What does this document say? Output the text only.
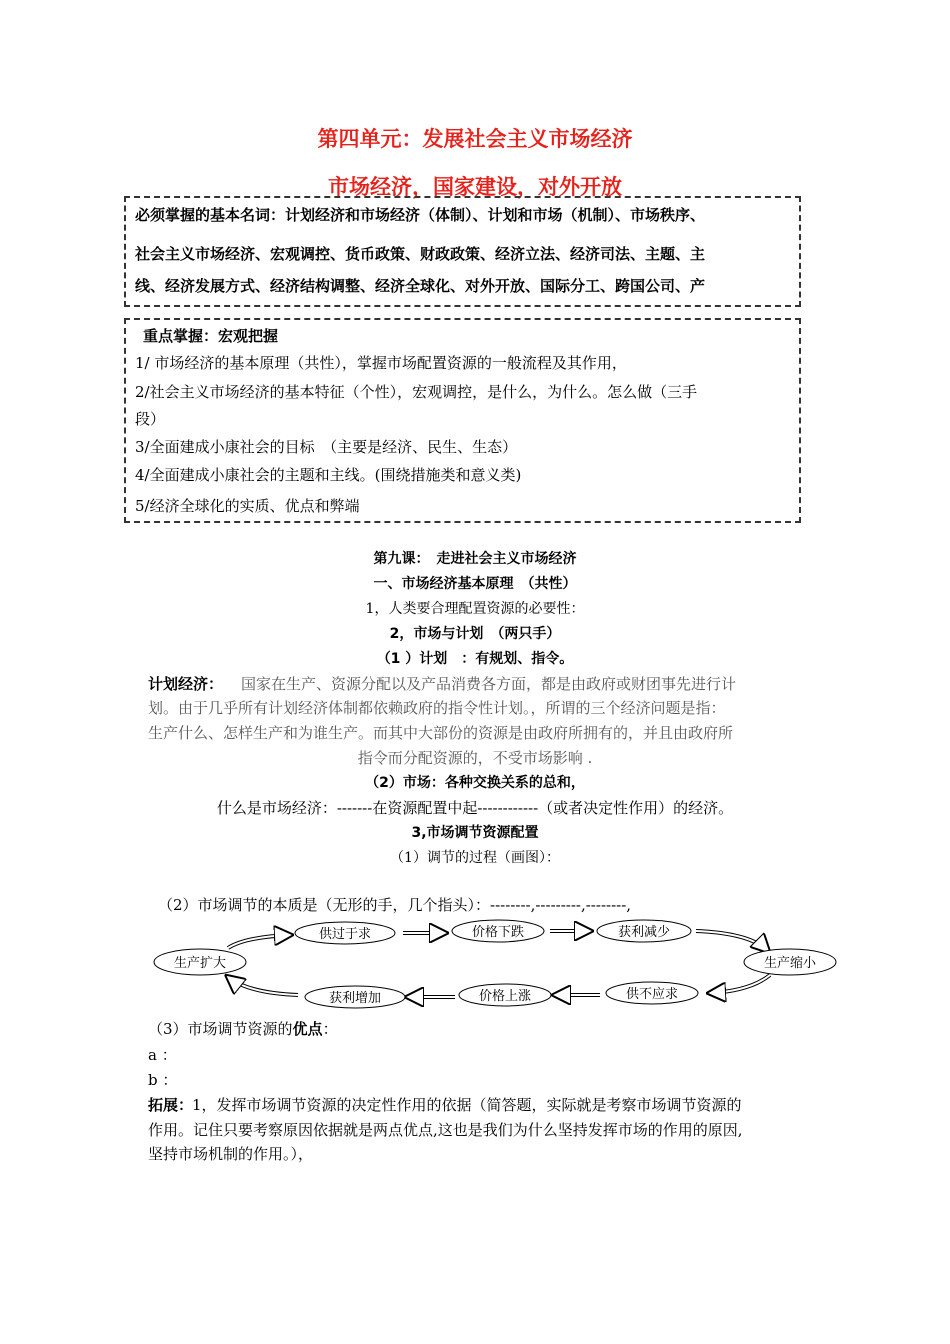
第四单元：发展社会主义市场经济
市场经济，国家建设，对外开放
必须掌握的基本名词：计划经济和市场经济（体制）、计划和市场（机制）、市场秩序、
社会主义市场经济、宏观调控、货币政策、财政政策、经济立法、经济司法、主题、主
线、经济发展方式、经济结构调整、经济全球化、对外开放、国际分工、跨国公司、产
重点掌握：宏观把握
1/ 市场经济的基本原理（共性），掌握市场配置资源的一般流程及其作用，
2/社会主义市场经济的基本特征（个性），宏观调控，是什么，为什么。怎么做（三手
段）
3/全面建成小康社会的目标　（主要是经济、民生、生态）
4/全面建成小康社会的主题和主线。(围绕措施类和意义类)
5/经济全球化的实质、优点和弊端
第九课：　走进社会主义市场经济
一、市场经济基本原理　（共性）
1，人类要合理配置资源的必要性：
2，市场与计划　（两只手）
（1 ）计划　：有规划、指令。
计划经济： 　国家在生产、资源分配以及产品消费各方面，都是由政府或财团事先进行计
划。由于几乎所有计划经济体制都依赖政府的指令性计划。，所谓的三个经济问题是指：
生产什么、怎样生产和为谁生产。而其中大部份的资源是由政府所拥有的，并且由政府所
指令而分配资源的，不受市场影响 .
（2）市场：各种交换关系的总和，
什么是市场经济：-------在资源配置中起------------（或者决定性作用）的经济。
3,市场调节资源配置
（1）调节的过程（画图）：
（2）市场调节的本质是（无形的手，几个指头）：--------,---------,--------,
生产扩大
供过于求	价格下跌	获利减少
生产缩小
供不应求
价格上涨
获利增加
（3）市场调节资源的优点：
a ：
b ：
拓展：
1，发挥市场调节资源的决定性作用的依据（简答题，实际就是考察市场调节资源的
作用。记住只要考察原因依据就是两点优点,这也是我们为什么坚持发挥市场的作用的原因,
坚持市场机制的作用。），
